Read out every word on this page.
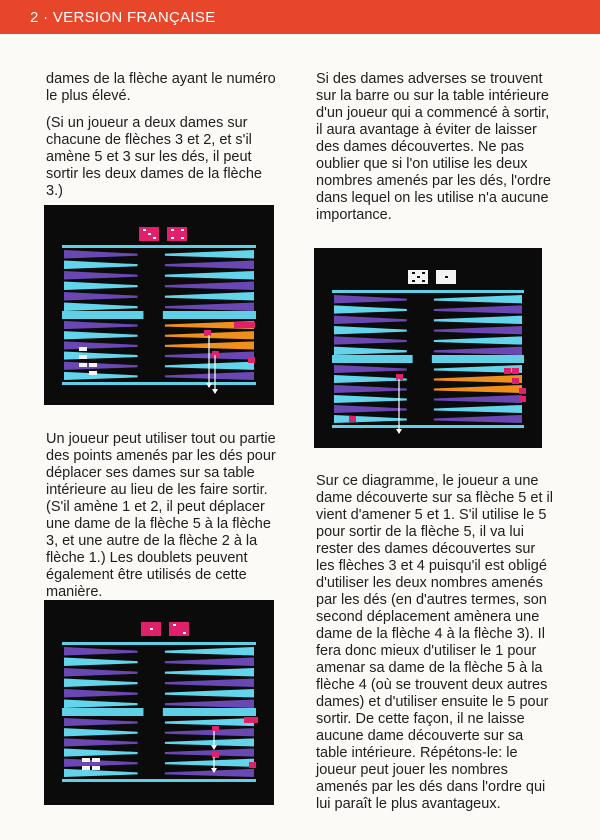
2 · VERSION FRANÇAISE

dames de la flèche ayant le numéro le plus élevé.

(Si un joueur a deux dames sur chacune de flèches 3 et 2, et s'il amène 5 et 3 sur les dés, il peut sortir les deux dames de la flèche 3.)

Un joueur peut utiliser tout ou partie des points amenés par les dés pour déplacer ses dames sur sa table intérieure au lieu de les faire sortir. (S'il amène 1 et 2, il peut déplacer une dame de la flèche 5 à la flèche 3, et une autre de la flèche 2 à la flèche 1.) Les doublets peuvent également être utilisés de cette manière.

Si des dames adverses se trouvent sur la barre ou sur la table intérieure d'un joueur qui a commencé à sortir, il aura avantage à éviter de laisser des dames découvertes. Ne pas oublier que si l'on utilise les deux nombres amenés par les dés, l'ordre dans lequel on les utilise n'a aucune importance.

Sur ce diagramme, le joueur a une dame découverte sur sa flèche 5 et il vient d'amener 5 et 1. S'il utilise le 5 pour sortir de la flèche 5, il va lui rester des dames découvertes sur les flèches 3 et 4 puisqu'il est obligé d'utiliser les deux nombres amenés par les dés (en d'autres termes, son second déplacement amènera une dame de la flèche 4 à la flèche 3). Il fera donc mieux d'utiliser le 1 pour amenar sa dame de la flèche 5 à la flèche 4 (où se trouvent deux autres dames) et d'utiliser ensuite le 5 pour sortir. De cette façon, il ne laisse aucune dame découverte sur sa table intérieure. Répétons-le: le joueur peut jouer les nombres amenés par les dés dans l'ordre qui lui paraît le plus avantageux.
